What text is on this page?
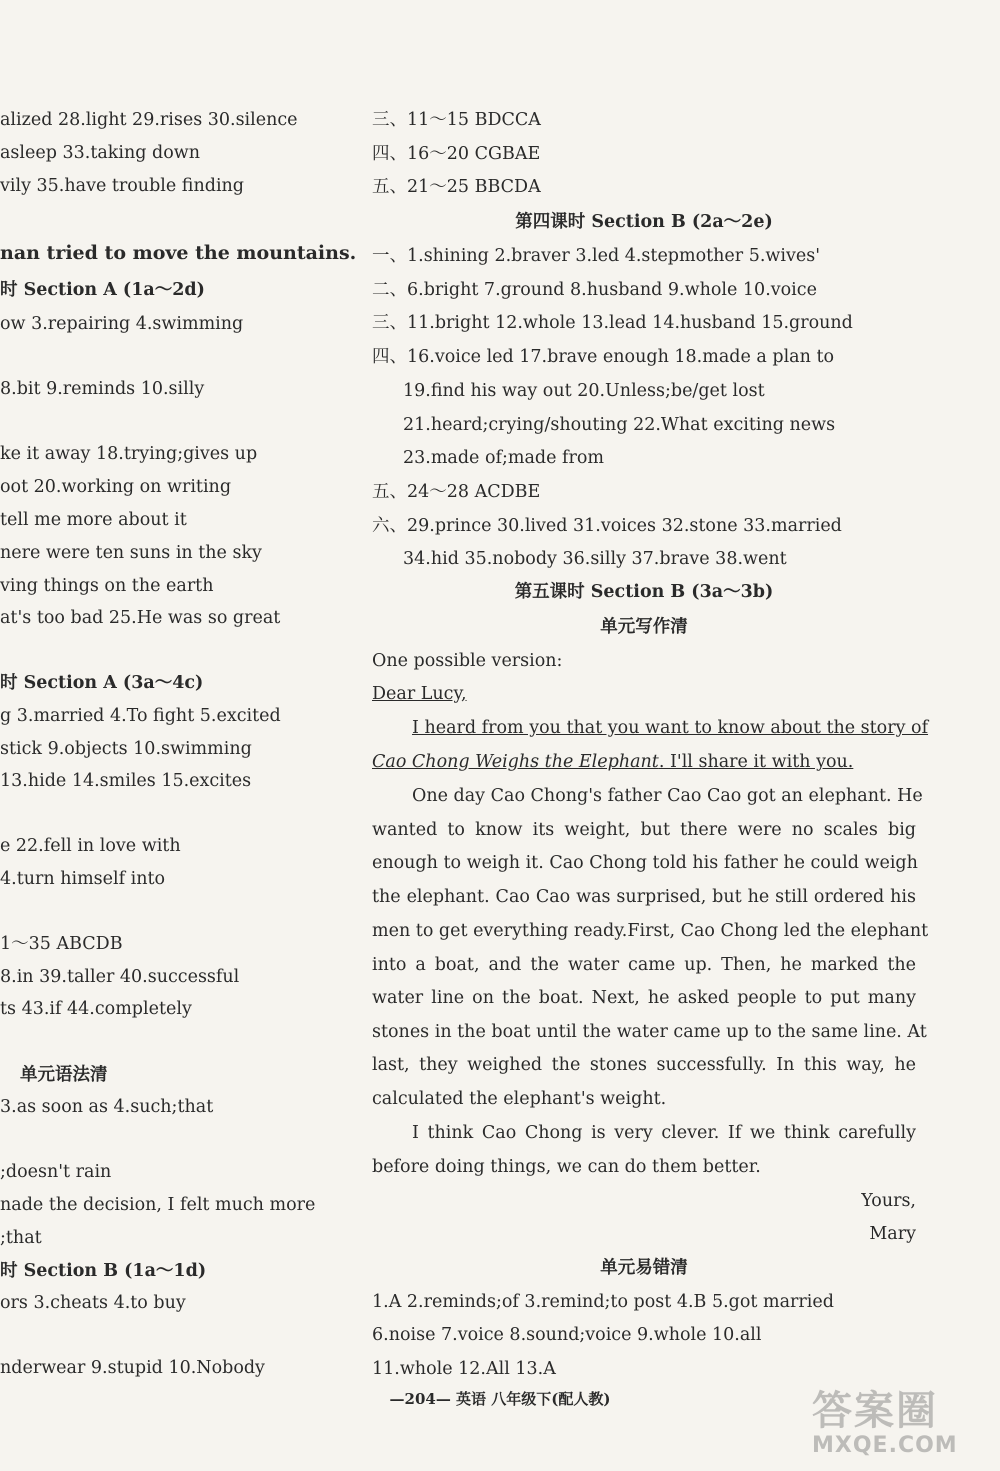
alized 28.light 29.rises 30.silence
asleep 33.taking down
vily 35.have trouble finding
nan tried to move the mountains.
时 Section A (1a～2d)
ow 3.repairing 4.swimming
8.bit 9.reminds 10.silly
ke it away 18.trying;gives up
oot 20.working on writing
tell me more about it
nere were ten suns in the sky
ving things on the earth
at's too bad 25.He was so great
时 Section A (3a～4c)
g 3.married 4.To fight 5.excited
stick 9.objects 10.swimming
13.hide 14.smiles 15.excites
e 22.fell in love with
4.turn himself into
1～35 ABCDB
8.in 39.taller 40.successful
ts 43.if 44.completely
单元语法清
3.as soon as 4.such;that
;doesn't rain
nade the decision, I felt much more
;that
时 Section B (1a～1d)
ors 3.cheats 4.to buy
nderwear 9.stupid 10.Nobody
三、11～15 BDCCA
四、16～20 CGBAE
五、21～25 BBCDA
第四课时 Section B (2a～2e)
一、1.shining 2.braver 3.led 4.stepmother 5.wives'
二、6.bright 7.ground 8.husband 9.whole 10.voice
三、11.bright 12.whole 13.lead 14.husband 15.ground
四、16.voice led 17.brave enough 18.made a plan to
19.find his way out 20.Unless;be/get lost
21.heard;crying/shouting 22.What exciting news
23.made of;made from
五、24～28 ACDBE
六、29.prince 30.lived 31.voices 32.stone 33.married
34.hid 35.nobody 36.silly 37.brave 38.went
第五课时 Section B (3a～3b)
单元写作清
One possible version:
Dear Lucy,
I heard from you that you want to know about the story of
Cao Chong Weighs the Elephant. I'll share it with you.
One day Cao Chong's father Cao Cao got an elephant. He
wanted to know its weight, but there were no scales big
enough to weigh it. Cao Chong told his father he could weigh
the elephant. Cao Cao was surprised, but he still ordered his
men to get everything ready.First, Cao Chong led the elephant
into a boat, and the water came up. Then, he marked the
water line on the boat. Next, he asked people to put many
stones in the boat until the water came up to the same line. At
last, they weighed the stones successfully. In this way, he
calculated the elephant's weight.
I think Cao Chong is very clever. If we think carefully
before doing things, we can do them better.
Yours,
Mary
单元易错清
1.A 2.reminds;of 3.remind;to post 4.B 5.got married
6.noise 7.voice 8.sound;voice 9.whole 10.all
11.whole 12.All 13.A
—204— 英语 八年级下(配人教)	答案圈
MXQE.COM
